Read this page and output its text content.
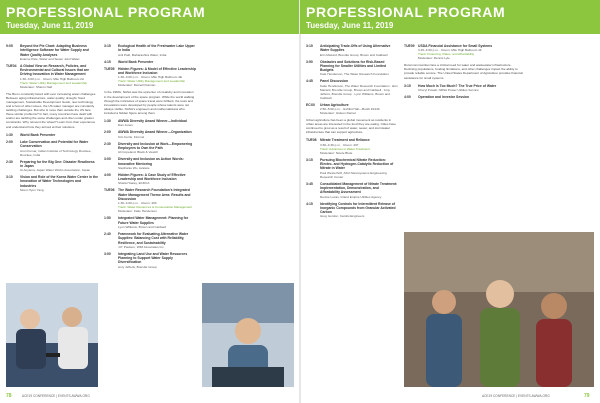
PROFESSIONAL PROGRAM
Tuesday, June 11, 2019
9:05 Beyond the Pie Chart: Adapting Business Intelligence Software for Water Supply and Water Quality Analyses
Evanne Pate, Water and Sewer Joint Water
TUE04 A Global View on Research, Policies, and Environmental and Cultural Issues that are Driving Innovation in Water Management
1:30–3:00 p.m. · Room: Mile High Ballroom 2A
Track: Water Utility Management and Leadership
Moderator: Sharon Nall
The Bio is constantly faced with ever increasing water challenges. Between aging infrastructure, water quality, drought, flood management, Sustainable Development Goals, new technology and a host of other issues, the US water manager are constantly tackling challenges. But who is more than outside the US face these similar problems? In fact, many countries have dealt with and/or are tackling the same challenges and often under greater constraints. Why reinvent the wheel? Learn from their experience and understand how they arrived at their solutions.
1:30 World Bank Presenter
2:00 Lake Conservation and Potential for Water Conservation
Arun Kumar, Indian Institute of Technology Roorkee, Roorkee, India
2:30 Preparing for the Big One: Disaster Readiness in Japan
Ai Aoyama, Japan Water Works Association, Japan
3:10 Vision and Role of the Korea Water Center in the Innovation of Water Technologies and Industries
Moon Hyun Yang
3:15 Ecological Health of the Freshwater Lake Upper in India
Anil Patil, Maharashtra Water, India
4:15 World Bank Presenter
TUE05 Hidden Figures: A Model of Effective Leadership and Workforce Inclusion
1:30–3:00 p.m. · Room: Mile High Ballroom 4E
Track: Water Utility Management and Leadership
Moderator: Darnell Donnan
In the 1960s, NASA was the epicenter of creativity and innovation in the development of the space program. While the world walking through the intricacies of space travel were brilliant, the tools and innovations were developed by people whose talents were not always visible. NASA's engineers and mathematicians who included a hidden figure among them.
1:30 AWWA Diversity Award Winner—Individual
Dan Jones
2:00 AWWA Diversity Award Winner—Organization
Kim Ferris, Kimmel
2:30 Diversity and Inclusion at Work—Empowering Employees to Own the Path
Ali Copeland, Black & Veatch
3:00 Diversity and Inclusion as Action Words: Innovative Mentoring
Stephanie Wu, Avatare
4:00 Hidden Figures: A Case Study of Effective Leadership and Workforce Inclusion
Sheila Hoaley, ECDCA
TUE06 The Water Research Foundation's Integrated Water Management Theme Area: Results and Discussion
1:30–4:00 p.m. · Room: 403
Track: Water Resources & Conservation Management
Moderator: Katie Henderson
1:50 Integrated Water Management: Planning for Future Water Supplies
Lynn Williams, Brown and Caldwell
2:40 Framework for Evaluating Alternative Water Supplies: Balancing Cost with Reliability, Resilience, and Sustainability
J.P. Paulson, WIM Associates Inc.
3:00 Integrating Land Use and Water Resources Planning to Support Water Supply Diversification
Amy Jefferis, Brendle Group
78	ACE19 CONFERENCE | EVENTS.AWWA.ORG
PROFESSIONAL PROGRAM
Tuesday, June 11, 2019
3:15 Anticipating Trade-Offs of Using Alternative Water Supplies
Erin Mazard, Brendle Group, Brown and Caldwell
3:50 Obstacles and Solutions for Risk-Based Planning for Smaller Utilities and Limited Budgets
Kate Henderson, The Water Research Foundation
4:45 Panel Discussion
Katie Henderson, The Water Research Foundation · Erin Mazard, Brendle Group, Brown and Caldwell · Amy Jefferis, Brendle Group · Lynn Williams, Brown and Caldwell
ECX0 Urban Agriculture
2:50–5:00 p.m. · Exhibit Hall—Booth #1440
Moderator: Gideon Darnel
Urban agriculture has been a global movement as residents in urban areas are interested in the food they are eating. Cities have continued to grow as a result of water, sewer, and stormwater infrastructure that can support agriculture.
TUE08 Nitrate Treatment and Reliance
3:30–4:30 p.m. · Room: 407
Track: Advances in Water Treatment
Moderator: Nicole Blute
3:15 Pursuing Biochemical Nitrate Reduction: Electro- and Hydrogen-Catalytic Reduction of Nitrate in Water
Paul Westerhoff, ASU Nanosystems Engineering Research Center
3:45 Consolidated Management of Nitrate Treatment: Implementation, Demonstration, and Affordability Assessment
Denise Lucas, Inland Empire Utilities Agency
4:15 Identifying Controls for Intermittent Release of Inorganic Compounds from Granular Activated Carbon
Greg Gordon, Carollo Engineers
TUE09 USDA Financial Assistance for Small Systems
3:15–4:00 p.m. · Room: Mile High Ballroom 4F
Track: Financing, Rates, and Affordability
Moderator: Dennis Lyle
Rural communities face a critical need for water and wastewater infrastructure. Declining populations, funding limitations, and other challenges impact the ability to provide reliable service. The United States Department of Agriculture provides financial assistance for small systems.
3:15 How Much Is Too Much? The True Price of Water
Cheryl Powell, NDSA Power Utilities Service
4:00 Operation and Investor Session
ACE19 CONFERENCE | EVENTS.AWWA.ORG	79
